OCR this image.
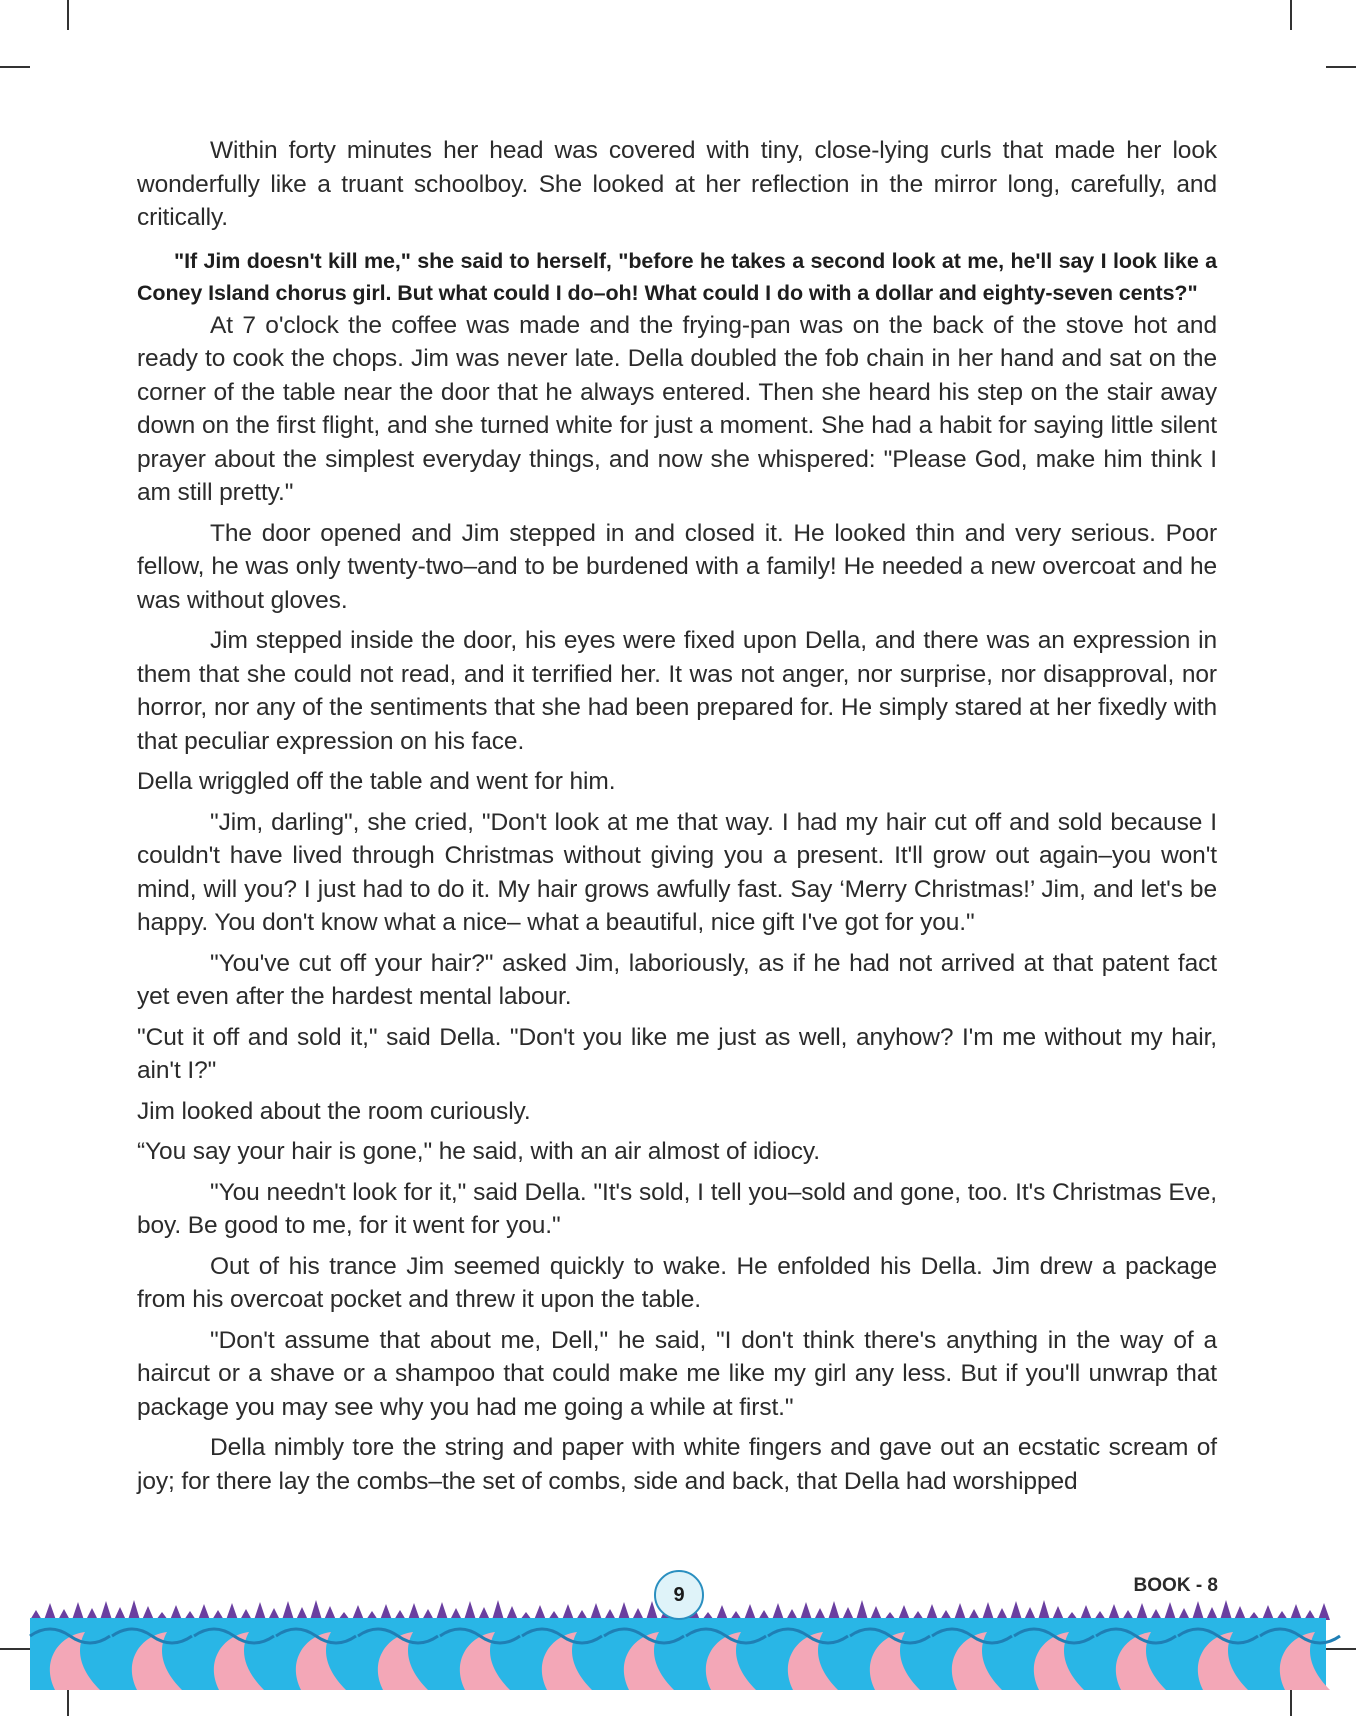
Within forty minutes her head was covered with tiny, close-lying curls that made her look wonderfully like a truant schoolboy. She looked at her reflection in the mirror long, carefully, and critically.

"If Jim doesn't kill me," she said to herself, "before he takes a second look at me, he'll say I look like a Coney Island chorus girl. But what could I do–oh! What could I do with a dollar and eighty-seven cents?"

At 7 o'clock the coffee was made and the frying-pan was on the back of the stove hot and ready to cook the chops. Jim was never late. Della doubled the fob chain in her hand and sat on the corner of the table near the door that he always entered. Then she heard his step on the stair away down on the first flight, and she turned white for just a moment. She had a habit for saying little silent prayer about the simplest everyday things, and now she whispered: "Please God, make him think I am still pretty."

The door opened and Jim stepped in and closed it. He looked thin and very serious. Poor fellow, he was only twenty-two–and to be burdened with a family! He needed a new overcoat and he was without gloves.

Jim stepped inside the door, his eyes were fixed upon Della, and there was an expression in them that she could not read, and it terrified her. It was not anger, nor surprise, nor disapproval, nor horror, nor any of the sentiments that she had been prepared for. He simply stared at her fixedly with that peculiar expression on his face.

Della wriggled off the table and went for him.

"Jim, darling", she cried, "Don't look at me that way. I had my hair cut off and sold because I couldn't have lived through Christmas without giving you a present. It'll grow out again–you won't mind, will you? I just had to do it. My hair grows awfully fast. Say ‘Merry Christmas!’ Jim, and let's be happy. You don't know what a nice– what a beautiful, nice gift I've got for you."

"You've cut off your hair?" asked Jim, laboriously, as if he had not arrived at that patent fact yet even after the hardest mental labour.

"Cut it off and sold it," said Della. "Don't you like me just as well, anyhow? I'm me without my hair, ain't I?"

Jim looked about the room curiously.

“You say your hair is gone," he said, with an air almost of idiocy.

"You needn't look for it," said Della. "It's sold, I tell you–sold and gone, too. It's Christmas Eve, boy. Be good to me, for it went for you."

Out of his trance Jim seemed quickly to wake. He enfolded his Della. Jim drew a package from his overcoat pocket and threw it upon the table.

"Don't assume that about me, Dell," he said, "I don't think there's anything in the way of a haircut or a shave or a shampoo that could make me like my girl any less. But if you'll unwrap that package you may see why you had me going a while at first."

Della nimbly tore the string and paper with white fingers and gave out an ecstatic scream of joy; for there lay the combs–the set of combs, side and back, that Della had worshipped

9	BOOK - 8
